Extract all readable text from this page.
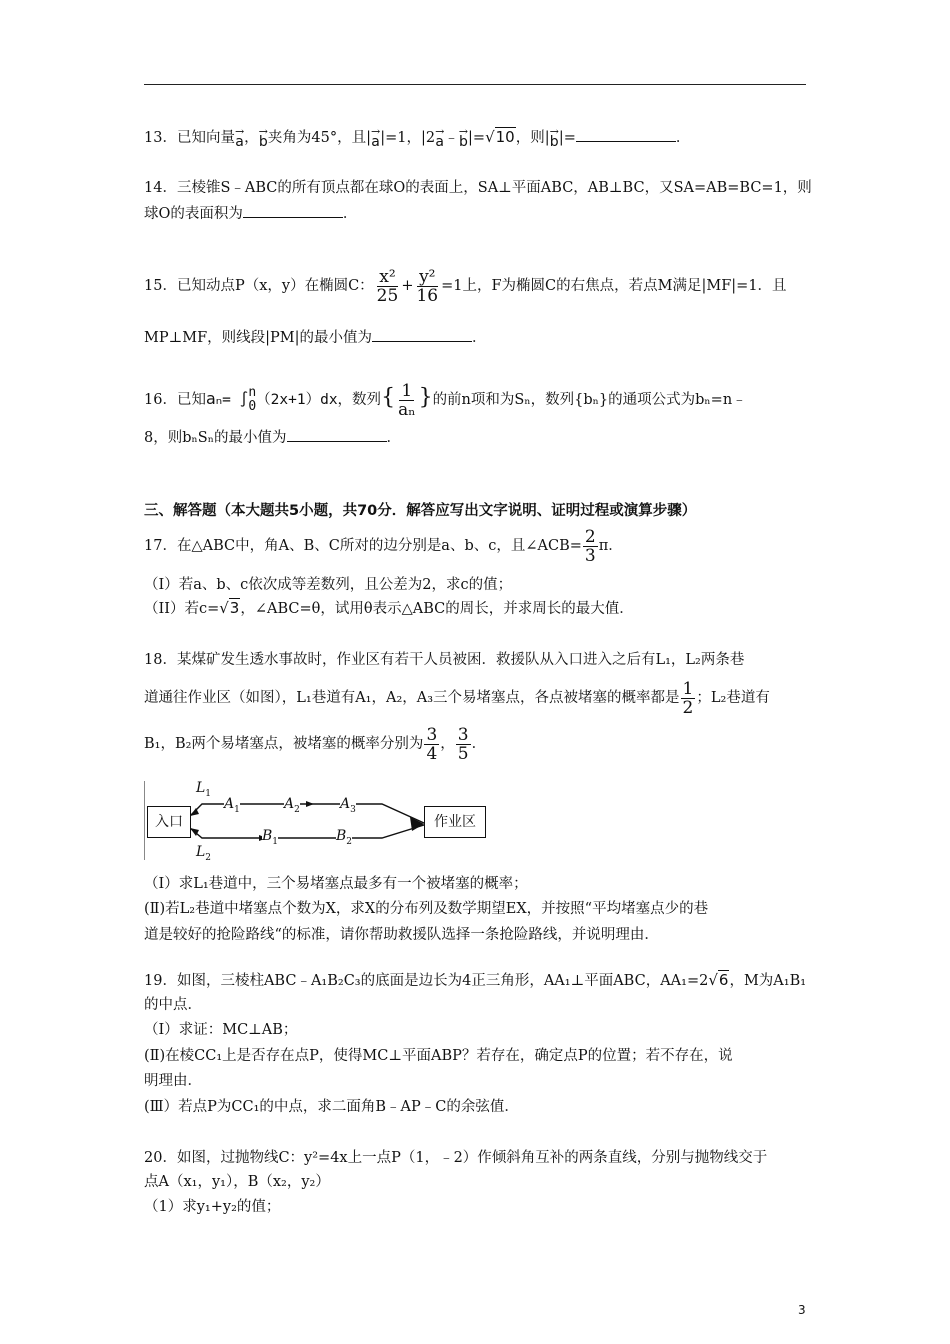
13．已知向量 →
a ， →
b 夹角为45°，且| →
a |=1，|2 →
a ﹣ →
b |=√10，则| →
b |=	．
14．三棱锥S﹣ABC的所有顶点都在球O的表面上，SA⊥平面ABC，AB⊥BC，又SA=AB=BC=1，则
球O的表面积为	．
15．已知动点P（x，y）在椭圆C： $\frac{\text{x²}}{25} + \frac{\text{y²}}{16} =1$上，F为椭圆C的右焦点，若点M满足|MF|=1．且
MP⊥MF，则线段|PM|的最小值为	．
16．已知aₙ= ∫ n
0 （2x+1）dx，数列{ $\frac{1}{\text{aₙ}}$ }的前n项和为Sₙ，数列{bₙ}的通项公式为bₙ=n﹣
8，则bₙSₙ的最小值为	．
三、解答题（本大题共5小题，共70分．解答应写出文字说明、证明过程或演算步骤）
17．在△ABC中，角A、B、C所对的边分别是a、b、c，且∠ACB= $\frac{2}{3}$ π．
（I）若a、b、c依次成等差数列，且公差为2，求c的值；
（II）若c=√3，∠ABC=θ，试用θ表示△ABC的周长，并求周长的最大值．
18．某煤矿发生透水事故时，作业区有若干人员被困．救援队从入口进入之后有L₁，L₂两条巷
道通往作业区（如图），L₁巷道有A₁，A₂，A₃三个易堵塞点，各点被堵塞的概率都是 $\frac{1}{2}$ ；L₂巷道有
B₁，B₂两个易堵塞点，被堵塞的概率分别为 $\frac{3}{4}$ ， $\frac{3}{5}$ ．
入口	作业区
$L_1$
$L_2$
$A_1$	$A_2$	$A_3$
$B_1$	$B_2$
（Ⅰ）求L₁巷道中，三个易堵塞点最多有一个被堵塞的概率；
(Ⅱ)若L₂巷道中堵塞点个数为X，求X的分布列及数学期望EX，并按照“平均堵塞点少的巷
道是较好的抢险路线“的标准，请你帮助救援队选择一条抢险路线，并说明理由．
19．如图，三棱柱ABC﹣A₁B₂C₃的底面是边长为4正三角形，AA₁⊥平面ABC，AA₁=2√6，M为A₁B₁
的中点．
（Ⅰ）求证：MC⊥AB；
(Ⅱ)在棱CC₁上是否存在点P，使得MC⊥平面ABP？若存在，确定点P的位置；若不存在，说
明理由．
(Ⅲ）若点P为CC₁的中点，求二面角B﹣AP﹣C的余弦值．
20．如图，过抛物线C：y²=4x上一点P（1，﹣2）作倾斜角互补的两条直线，分别与抛物线交于
点A（x₁，y₁），B（x₂，y₂）
（1）求y₁+y₂的值；
3
